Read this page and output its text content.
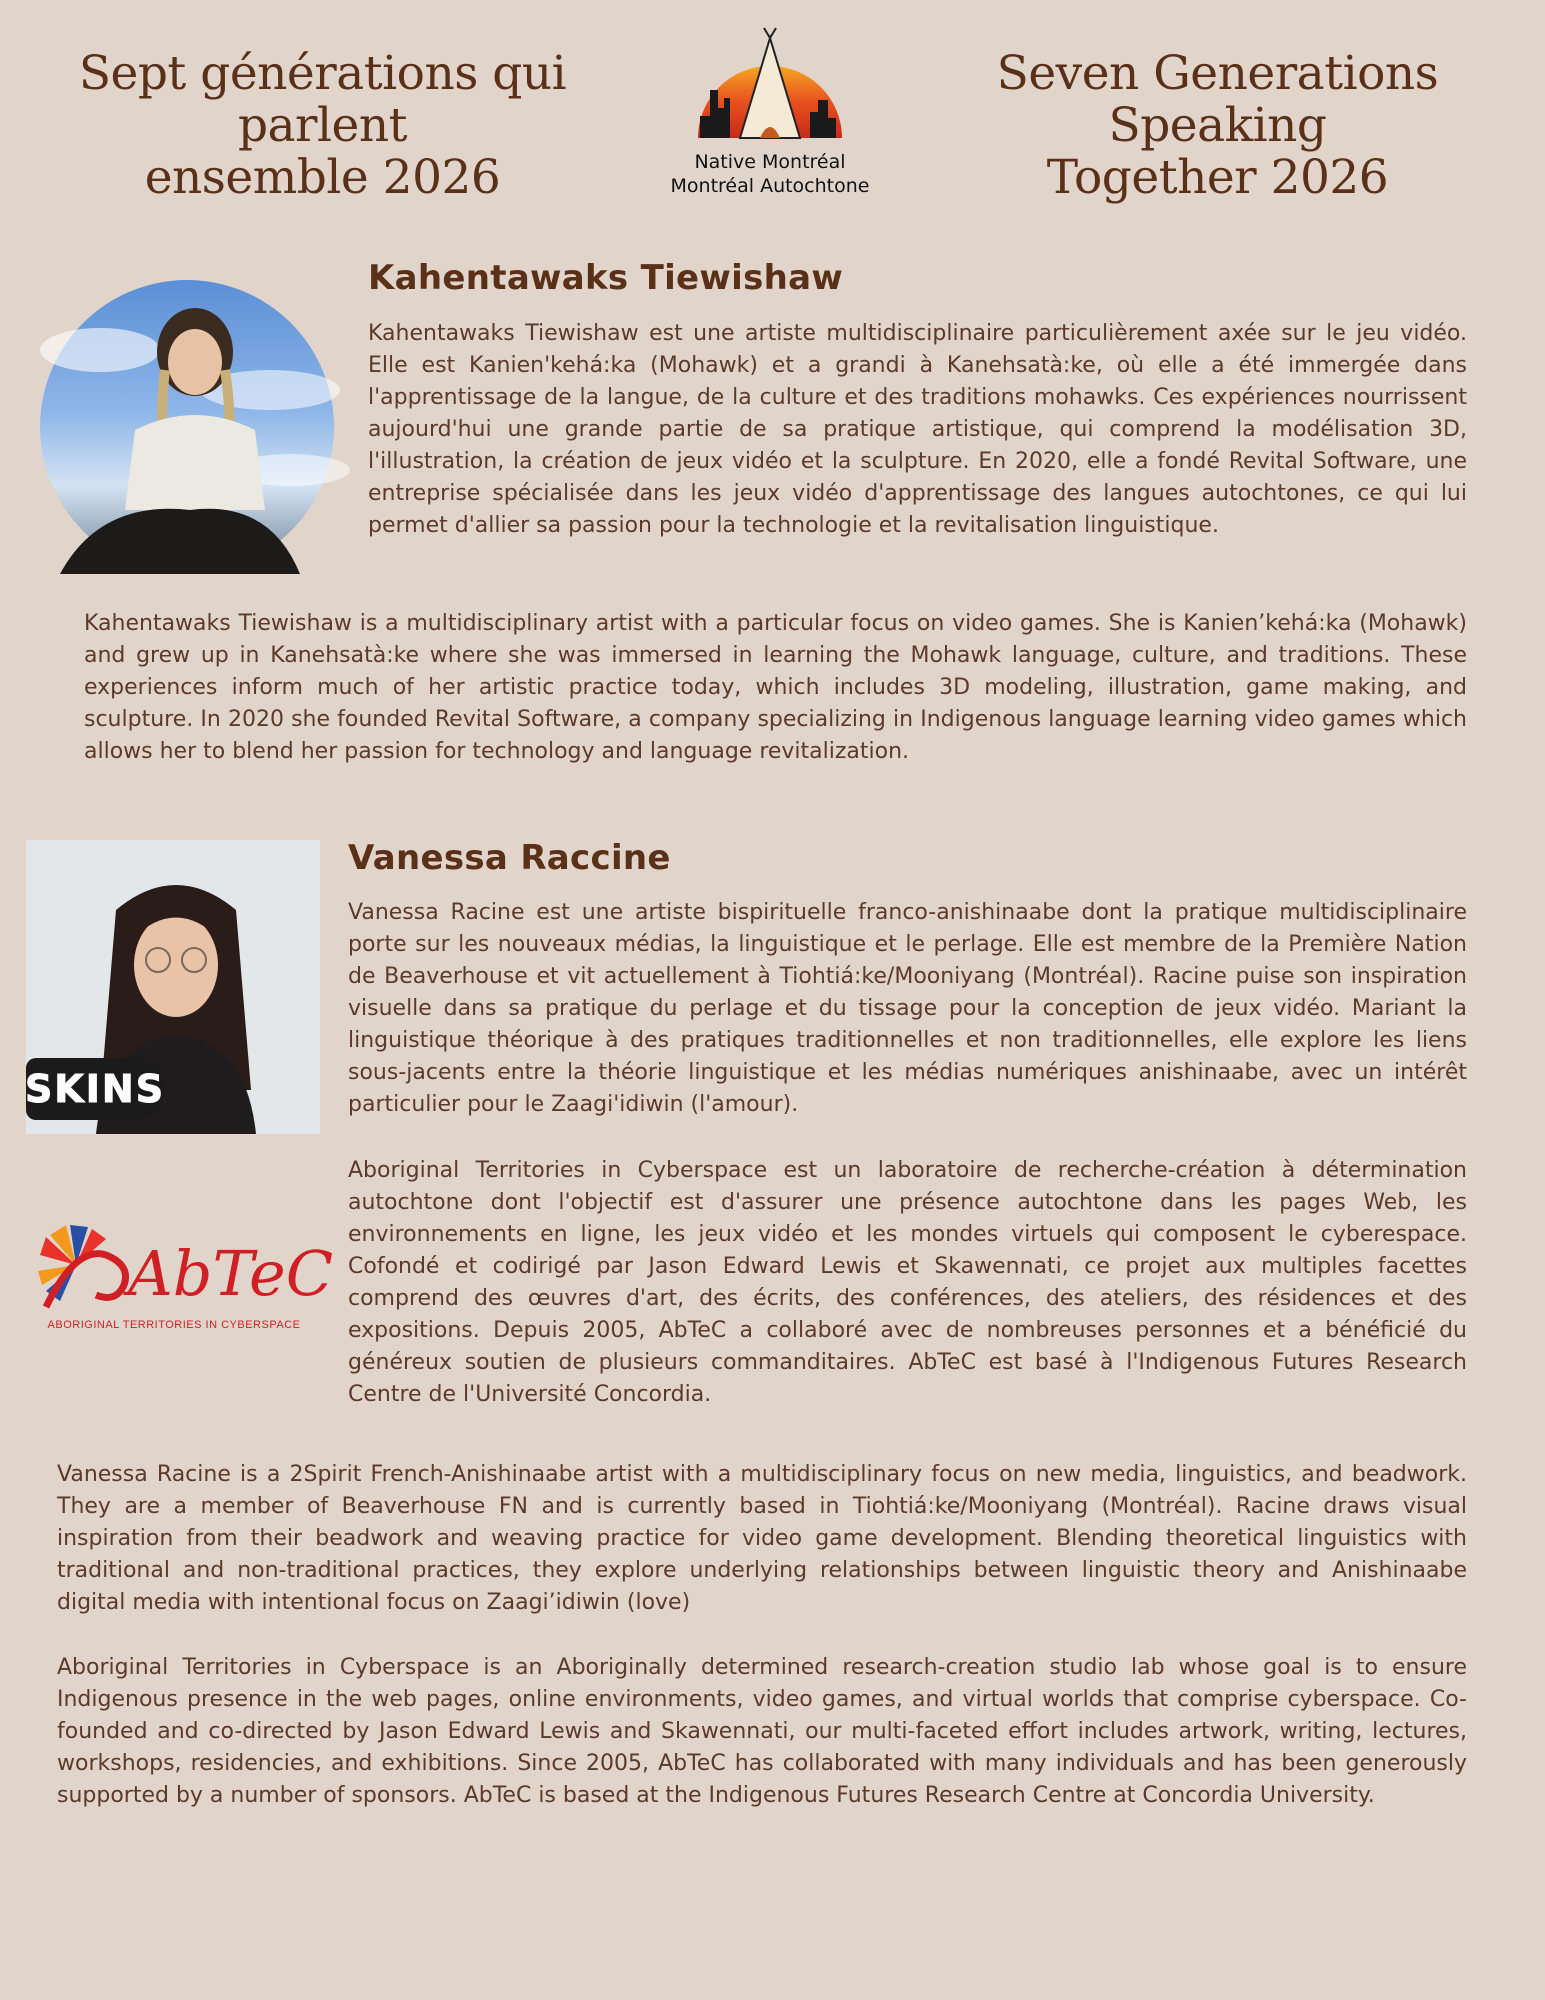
Sept générations qui parlent
ensemble 2026	Native Montréal
Montréal Autochtone
Seven Generations Speaking
Together 2026
Kahentawaks Tiewishaw

Kahentawaks Tiewishaw est une artiste multidisciplinaire particulièrement axée sur le jeu vidéo. Elle est Kanien'kehá:ka (Mohawk) et a grandi à Kanehsatà:ke, où elle a été immergée dans l'apprentissage de la langue, de la culture et des traditions mohawks. Ces expériences nourrissent aujourd'hui une grande partie de sa pratique artistique, qui comprend la modélisation 3D, l'illustration, la création de jeux vidéo et la sculpture. En 2020, elle a fondé Revital Software, une entreprise spécialisée dans les jeux vidéo d'apprentissage des langues autochtones, ce qui lui permet d'allier sa passion pour la technologie et la revitalisation linguistique.

Kahentawaks Tiewishaw is a multidisciplinary artist with a particular focus on video games. She is Kanien’kehá:ka (Mohawk) and grew up in Kanehsatà:ke where she was immersed in learning the Mohawk language, culture, and traditions. These experiences inform much of her artistic practice today, which includes 3D modeling, illustration, game making, and sculpture. In 2020 she founded Revital Software, a company specializing in Indigenous language learning video games which allows her to blend her passion for technology and language revitalization.

SKINS
Vanessa Raccine

Vanessa Racine est une artiste bispirituelle franco-anishinaabe dont la pratique multidisciplinaire porte sur les nouveaux médias, la linguistique et le perlage. Elle est membre de la Première Nation de Beaverhouse et vit actuellement à Tiohtiá:ke/Mooniyang (Montréal). Racine puise son inspiration visuelle dans sa pratique du perlage et du tissage pour la conception de jeux vidéo. Mariant la linguistique théorique à des pratiques traditionnelles et non traditionnelles, elle explore les liens sous-jacents entre la théorie linguistique et les médias numériques anishinaabe, avec un intérêt particulier pour le Zaagi'idiwin (l'amour).

AbTeC
ABORIGINAL TERRITORIES IN CYBERSPACE

Aboriginal Territories in Cyberspace est un laboratoire de recherche-création à détermination autochtone dont l'objectif est d'assurer une présence autochtone dans les pages Web, les environnements en ligne, les jeux vidéo et les mondes virtuels qui composent le cyberespace. Cofondé et codirigé par Jason Edward Lewis et Skawennati, ce projet aux multiples facettes comprend des œuvres d'art, des écrits, des conférences, des ateliers, des résidences et des expositions. Depuis 2005, AbTeC a collaboré avec de nombreuses personnes et a bénéficié du généreux soutien de plusieurs commanditaires. AbTeC est basé à l'Indigenous Futures Research Centre de l'Université Concordia.

Vanessa Racine is a 2Spirit French-Anishinaabe artist with a multidisciplinary focus on new media, linguistics, and beadwork. They are a member of Beaverhouse FN and is currently based in Tiohtiá:ke/Mooniyang (Montréal). Racine draws visual inspiration from their beadwork and weaving practice for video game development. Blending theoretical linguistics with traditional and non-traditional practices, they explore underlying relationships between linguistic theory and Anishinaabe digital media with intentional focus on Zaagi’idiwin (love)

Aboriginal Territories in Cyberspace is an Aboriginally determined research-creation studio lab whose goal is to ensure Indigenous presence in the web pages, online environments, video games, and virtual worlds that comprise cyberspace. Co-founded and co-directed by Jason Edward Lewis and Skawennati, our multi-faceted effort includes artwork, writing, lectures, workshops, residencies, and exhibitions. Since 2005, AbTeC has collaborated with many individuals and has been generously supported by a number of sponsors. AbTeC is based at the Indigenous Futures Research Centre at Concordia University.
